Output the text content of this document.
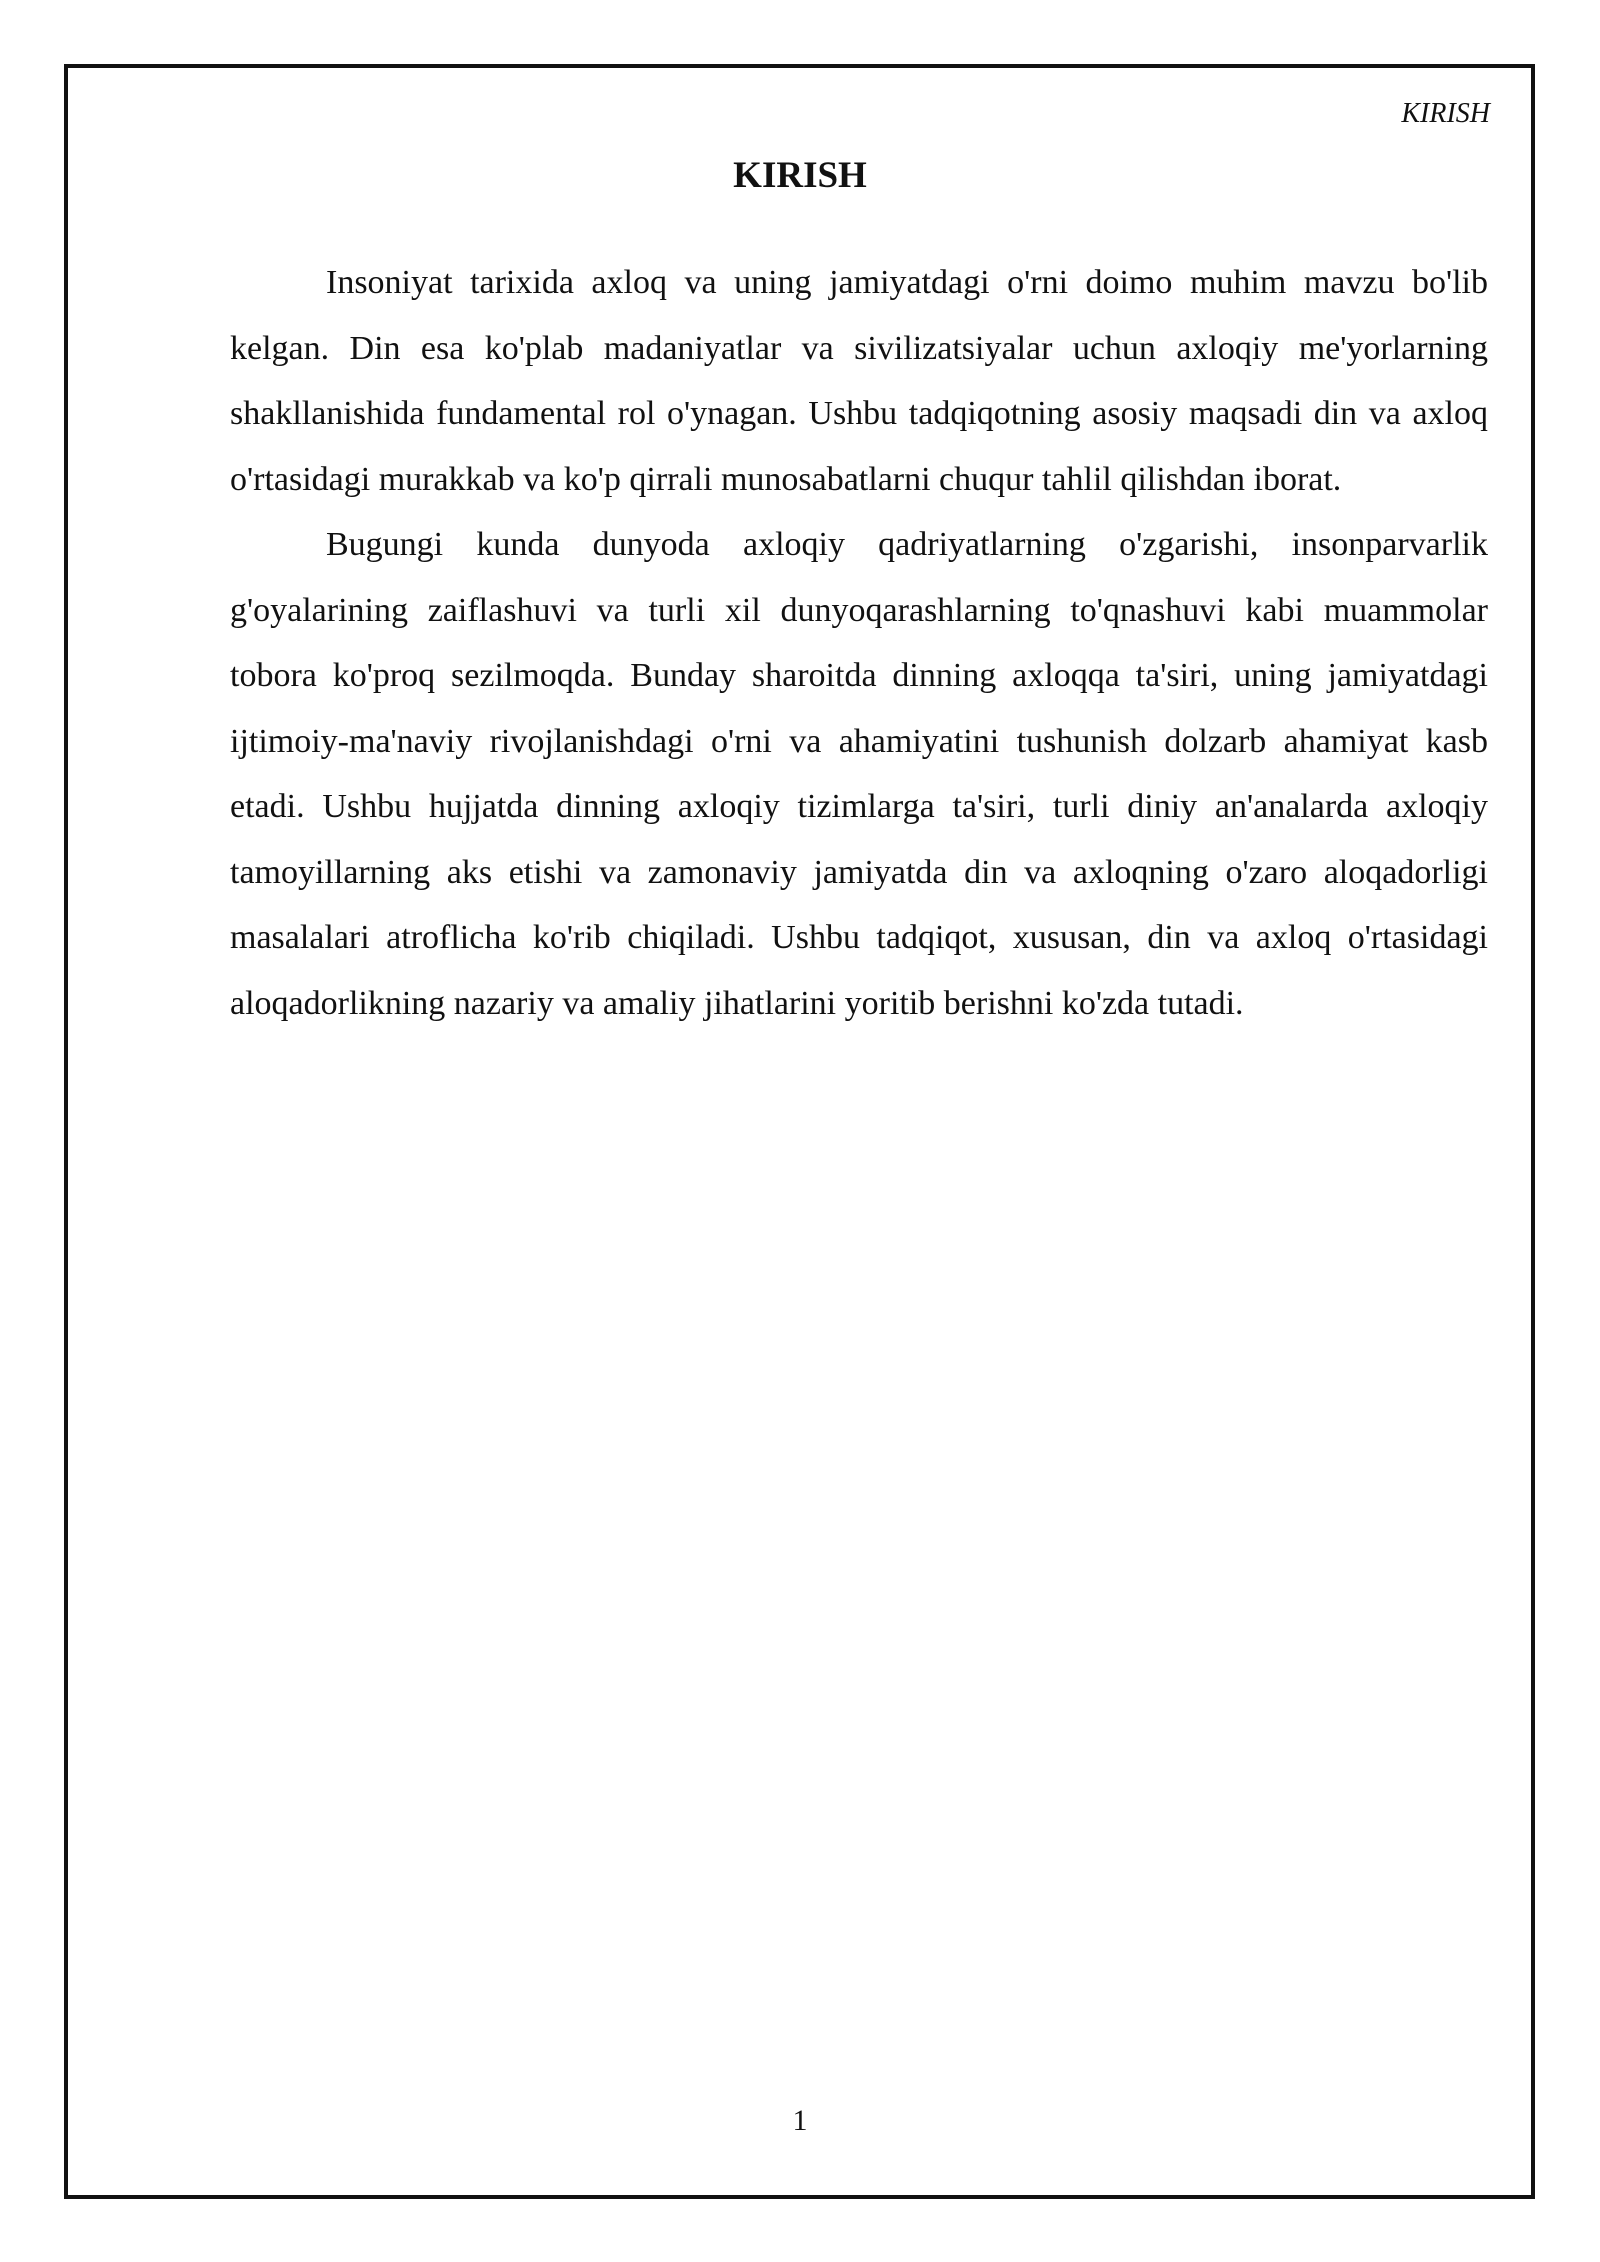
KIRISH
KIRISH

Insoniyat tarixida axloq va uning jamiyatdagi o'rni doimo muhim mavzu bo'lib kelgan. Din esa ko'plab madaniyatlar va sivilizatsiyalar uchun axloqiy me'yorlarning shakllanishida fundamental rol o'ynagan. Ushbu tadqiqotning asosiy maqsadi din va axloq o'rtasidagi murakkab va ko'p qirrali munosabatlarni chuqur tahlil qilishdan iborat.

Bugungi kunda dunyoda axloqiy qadriyatlarning o'zgarishi, insonparvarlik g'oyalarining zaiflashuvi va turli xil dunyoqarashlarning to'qnashuvi kabi muammolar tobora ko'proq sezilmoqda. Bunday sharoitda dinning axloqqa ta'siri, uning jamiyatdagi ijtimoiy-ma'naviy rivojlanishdagi o'rni va ahamiyatini tushunish dolzarb ahamiyat kasb etadi. Ushbu hujjatda dinning axloqiy tizimlarga ta'siri, turli diniy an'analarda axloqiy tamoyillarning aks etishi va zamonaviy jamiyatda din va axloqning o'zaro aloqadorligi masalalari atroflicha ko'rib chiqiladi. Ushbu tadqiqot, xususan, din va axloq o'rtasidagi aloqadorlikning nazariy va amaliy jihatlarini yoritib berishni ko'zda tutadi.

1
